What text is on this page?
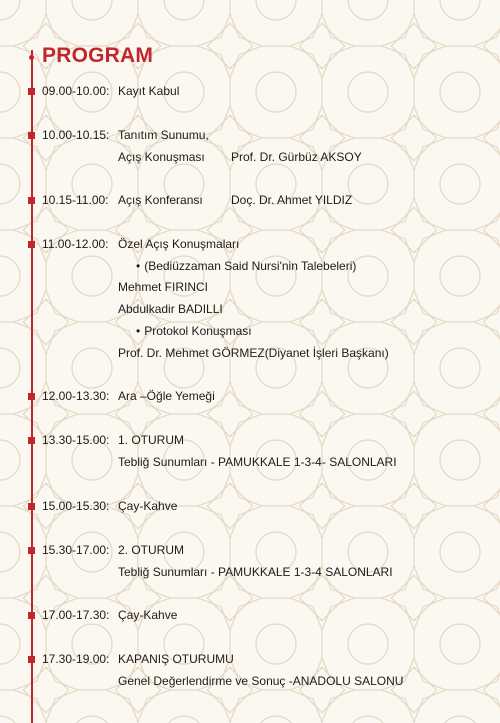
PROGRAM
09.00-10.00: Kayıt Kabul
10.00-10.15: Tanıtım Sunumu,
Açış Konuşması Prof. Dr. Gürbüz AKSOY
10.15-11.00: Açış Konferansı Doç. Dr. Ahmet YILDIZ
11.00-12.00: Özel Açış Konuşmaları
• (Bediüzzaman Said Nursi'nin Talebeleri)
Mehmet FIRINCI
Abdulkadir BADILLI
• Protokol Konuşması
Prof. Dr. Mehmet GÖRMEZ(Diyanet İşleri Başkanı)
12.00-13.30: Ara –Öğle Yemeği
13.30-15.00: 1. OTURUM
Tebliğ Sunumları - PAMUKKALE 1-3-4- SALONLARI
15.00-15.30: Çay-Kahve
15.30-17.00: 2. OTURUM
Tebliğ Sunumları - PAMUKKALE 1-3-4 SALONLARI
17.00-17.30: Çay-Kahve
17.30-19.00: KAPANIŞ OTURUMU
Genel Değerlendirme ve Sonuç -ANADOLU SALONU
